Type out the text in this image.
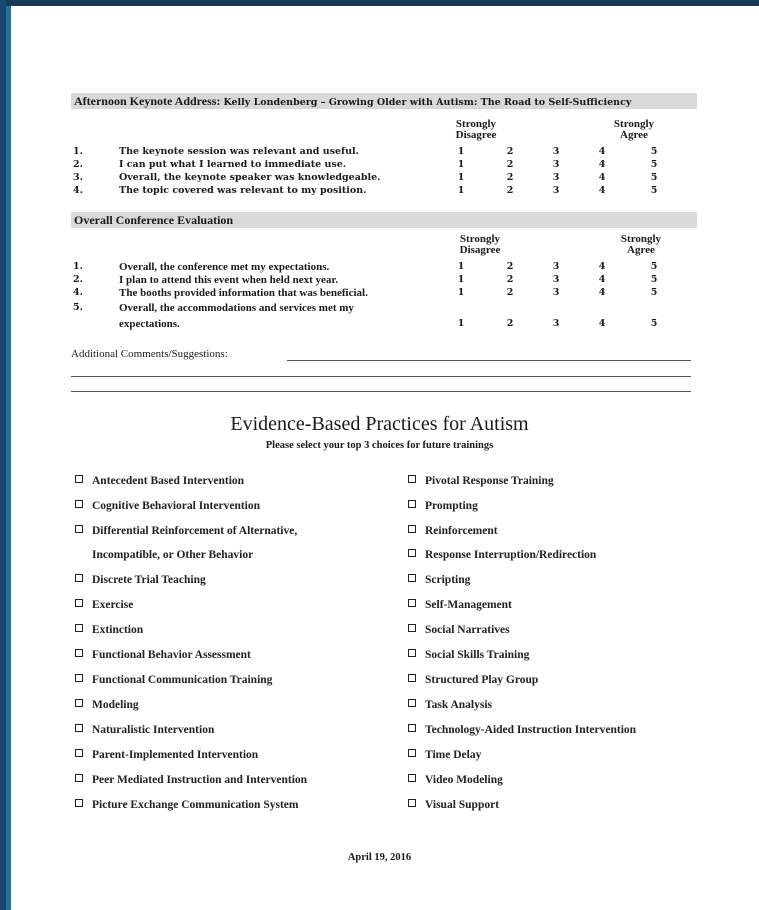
Afternoon Keynote Address: Kelly Londenberg – Growing Older with Autism: The Road to Self-Sufficiency
Strongly
Disagree
Strongly
Agree
1.	The keynote session was relevant and useful.	1	2	3	4	5
2.	I can put what I learned to immediate use.	1	2	3	4	5
3.	Overall, the keynote speaker was knowledgeable.	1	2	3	4	5
4.	The topic covered was relevant to my position.	1	2	3	4	5
Overall Conference Evaluation
Strongly
Disagree
Strongly
Agree
1.	Overall, the conference met my expectations.	1	2	3	4	5
2.	I plan to attend this event when held next year.	1	2	3	4	5
4.	The booths provided information that was beneficial.	1	2	3	4	5
5.	Overall, the accommodations and services met my
expectations.	1	2	3	4	5
Additional Comments/Suggestions:
Evidence-Based Practices for Autism
Please select your top 3 choices for future trainings
Antecedent Based Intervention
Cognitive Behavioral Intervention
Differential Reinforcement of Alternative,
Incompatible, or Other Behavior
Discrete Trial Teaching
Exercise
Extinction
Functional Behavior Assessment
Functional Communication Training
Modeling
Naturalistic Intervention
Parent-Implemented Intervention
Peer Mediated Instruction and Intervention
Picture Exchange Communication System
Pivotal Response Training
Prompting
Reinforcement
Response Interruption/Redirection
Scripting
Self-Management
Social Narratives
Social Skills Training
Structured Play Group
Task Analysis
Technology-Aided Instruction Intervention
Time Delay
Video Modeling
Visual Support
April 19, 2016
